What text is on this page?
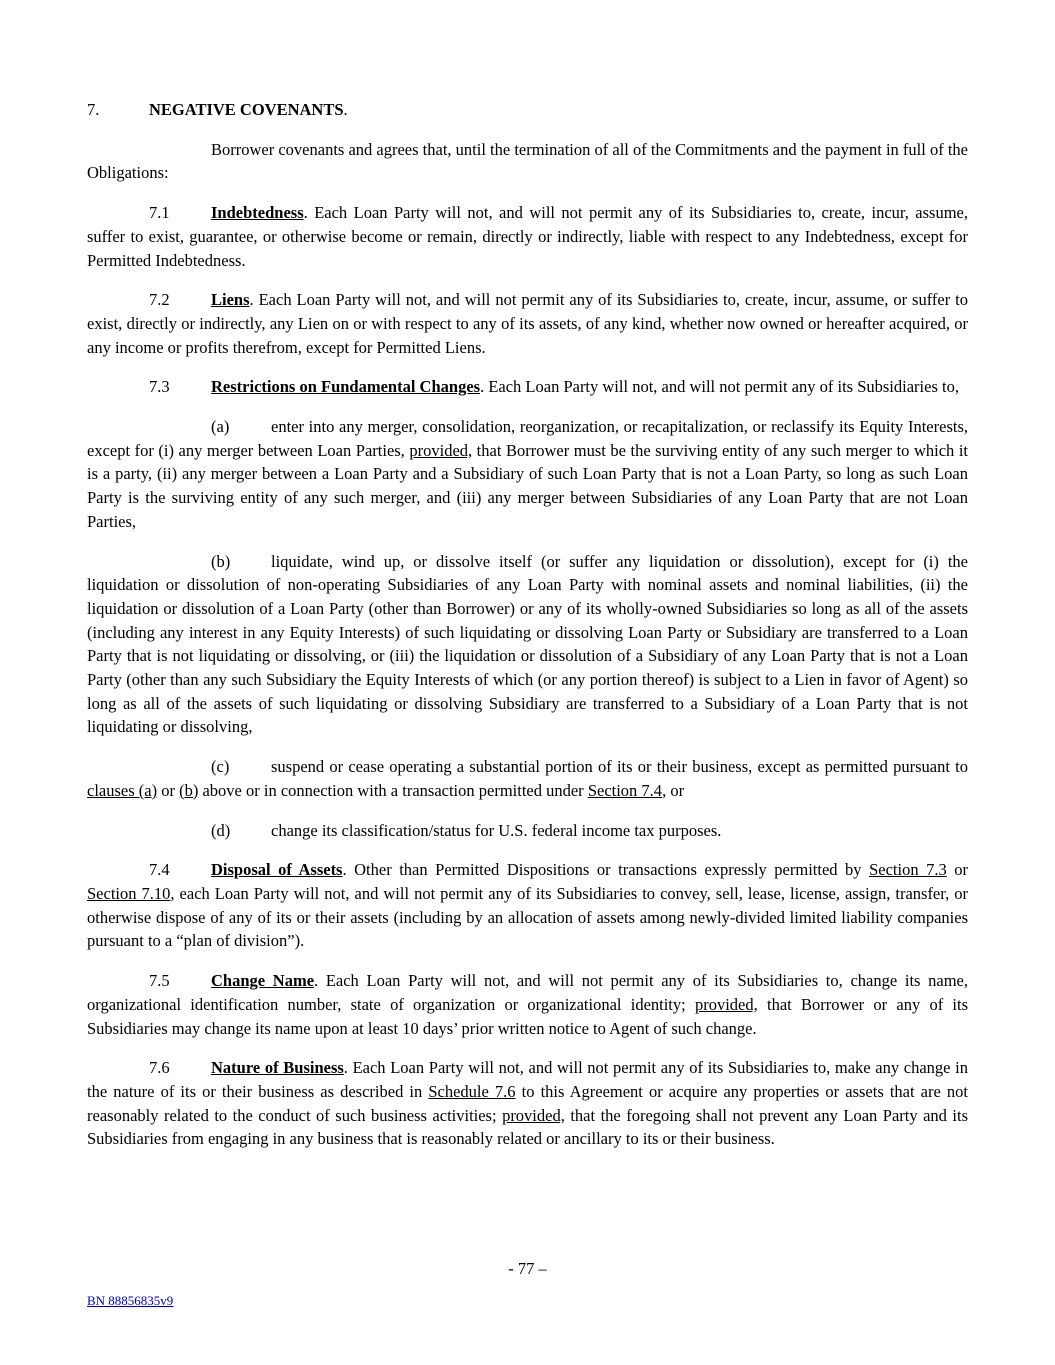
7.	NEGATIVE COVENANTS.

Borrower covenants and agrees that, until the termination of all of the Commitments and the payment in full of the Obligations:

7.1	Indebtedness. Each Loan Party will not, and will not permit any of its Subsidiaries to, create, incur, assume, suffer to exist, guarantee, or otherwise become or remain, directly or indirectly, liable with respect to any Indebtedness, except for Permitted Indebtedness.

7.2	Liens. Each Loan Party will not, and will not permit any of its Subsidiaries to, create, incur, assume, or suffer to exist, directly or indirectly, any Lien on or with respect to any of its assets, of any kind, whether now owned or hereafter acquired, or any income or profits therefrom, except for Permitted Liens.

7.3	Restrictions on Fundamental Changes. Each Loan Party will not, and will not permit any of its Subsidiaries to,

(a)	enter into any merger, consolidation, reorganization, or recapitalization, or reclassify its Equity Interests, except for (i) any merger between Loan Parties, provided, that Borrower must be the surviving entity of any such merger to which it is a party, (ii) any merger between a Loan Party and a Subsidiary of such Loan Party that is not a Loan Party, so long as such Loan Party is the surviving entity of any such merger, and (iii) any merger between Subsidiaries of any Loan Party that are not Loan Parties,

(b) liquidate, wind up, or dissolve itself (or suffer any liquidation or dissolution), except for (i) the liquidation or dissolution of non-operating Subsidiaries of any Loan Party with nominal assets and nominal liabilities, (ii) the liquidation or dissolution of a Loan Party (other than Borrower) or any of its wholly-owned Subsidiaries so long as all of the assets (including any interest in any Equity Interests) of such liquidating or dissolving Loan Party or Subsidiary are transferred to a Loan Party that is not liquidating or dissolving, or (iii) the liquidation or dissolution of a Subsidiary of any Loan Party that is not a Loan Party (other than any such Subsidiary the Equity Interests of which (or any portion thereof) is subject to a Lien in favor of Agent) so long as all of the assets of such liquidating or dissolving Subsidiary are transferred to a Subsidiary of a Loan Party that is not liquidating or dissolving,

(c)	suspend or cease operating a substantial portion of its or their business, except as permitted pursuant to clauses (a) or (b) above or in connection with a transaction permitted under Section 7.4, or

(d) change its classification/status for U.S. federal income tax purposes.

7.4	Disposal of Assets. Other than Permitted Dispositions or transactions expressly permitted by Section 7.3 or Section 7.10, each Loan Party will not, and will not permit any of its Subsidiaries to convey, sell, lease, license, assign, transfer, or otherwise dispose of any of its or their assets (including by an allocation of assets among newly-divided limited liability companies pursuant to a “plan of division”).

7.5	Change Name. Each Loan Party will not, and will not permit any of its Subsidiaries to, change its name, organizational identification number, state of organization or organizational identity; provided, that Borrower or any of its Subsidiaries may change its name upon at least 10 days’ prior written notice to Agent of such change.

7.6	Nature of Business. Each Loan Party will not, and will not permit any of its Subsidiaries to, make any change in the nature of its or their business as described in Schedule 7.6 to this Agreement or acquire any properties or assets that are not reasonably related to the conduct of such business activities; provided, that the foregoing shall not prevent any Loan Party and its Subsidiaries from engaging in any business that is reasonably related or ancillary to its or their business.

- 77 –
BN 88856835v9
